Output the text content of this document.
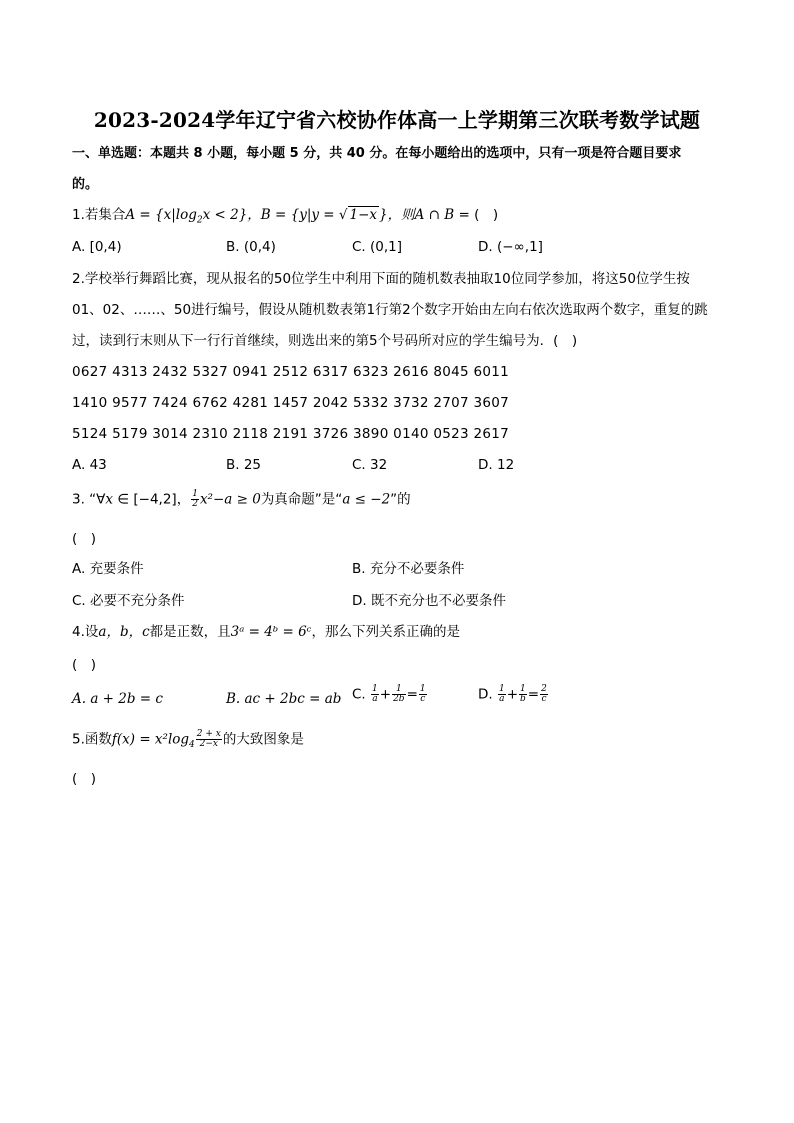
2023-2024学年辽宁省六校协作体高一上学期第三次联考数学试题
一、单选题：本题共 8 小题，每小题 5 分，共 40 分。在每小题给出的选项中，只有一项是符合题目要求
的。
1.若集合$A = \{x|\log_2x < 2\}$，B = {y|y = √ 1−x }，则A ∩ B = (　)
A. [0,4)	B. (0,4)	C. (0,1]	D. (−∞,1]
2.学校举行舞蹈比赛，现从报名的50位学生中利用下面的随机数表抽取10位同学参加，将这50位学生按
01、02、……、50进行编号，假设从随机数表第1行第2个数字开始由左向右依次选取两个数字，重复的跳
过，读到行末则从下一行行首继续，则选出来的第5个号码所对应的学生编号为．(　)
0627 4313 2432 5327 0941 2512 6317 6323 2616 8045 6011
1410 9577 7424 6762 4281 1457 2042 5332 3732 2707 3607
5124 5179 3014 2310 2118 2191 3726 3890 0140 0523 2617
A. 43	B. 25	C. 32	D. 12
3. “∀x ∈ [−4,2]， $\frac{1}{2} x^2-a \ge 0$为真命题”是“a ≤ −2”的
(　)
A. 充要条件	B. 充分不必要条件
C. 必要不充分条件	D. 既不充分也不必要条件
4.设a，b，c都是正数，且3ᵃ = 4ᵇ = 6ᶜ，那么下列关系正确的是
(　)
A. a + 2b = c	B. ac + 2bc = ab C. $\frac{1}{a} + \frac{1}{2b} = \frac{1}{c}$	D. $\frac{1}{a} + \frac{1}{b} = \frac{2}{c}$
5.函数$f(x) = x^2\log_4 \frac{2 + x}{2-x}$ 的大致图象是
(　)
